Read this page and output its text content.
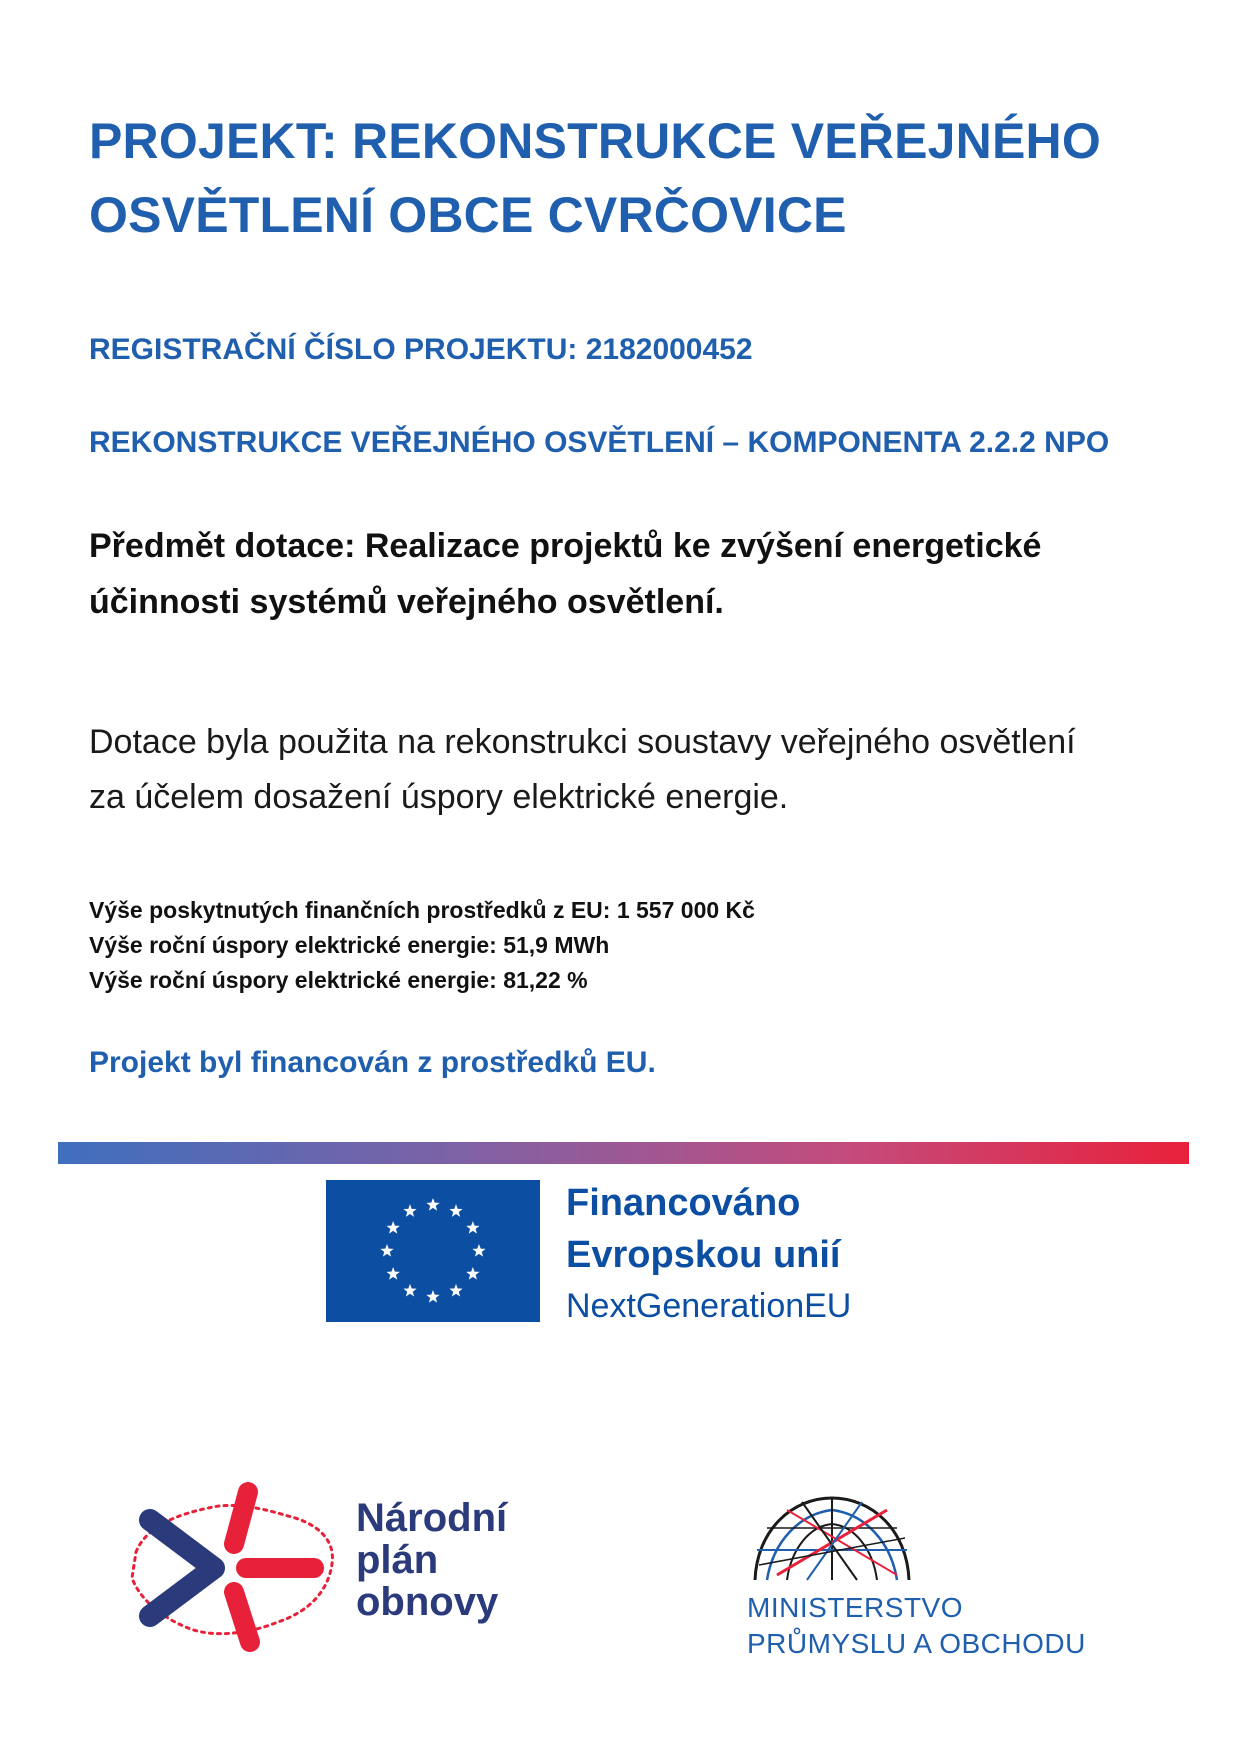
PROJEKT: REKONSTRUKCE VEŘEJNÉHO
OSVĚTLENÍ OBCE CVRČOVICE
REGISTRAČNÍ ČÍSLO PROJEKTU: 2182000452
REKONSTRUKCE VEŘEJNÉHO OSVĚTLENÍ – KOMPONENTA 2.2.2 NPO
Předmět dotace: Realizace projektů ke zvýšení energetické
účinnosti systémů veřejného osvětlení.
Dotace byla použita na rekonstrukci soustavy veřejného osvětlení
za účelem dosažení úspory elektrické energie.
Výše poskytnutých finančních prostředků z EU: 1 557 000 Kč
Výše roční úspory elektrické energie: 51,9 MWh
Výše roční úspory elektrické energie: 81,22 %
Projekt byl financován z prostředků EU.
Financováno
Evropskou unií
NextGenerationEU
Národní
plán
obnovy	MINISTERSTVO
PRŮMYSLU A OBCHODU
